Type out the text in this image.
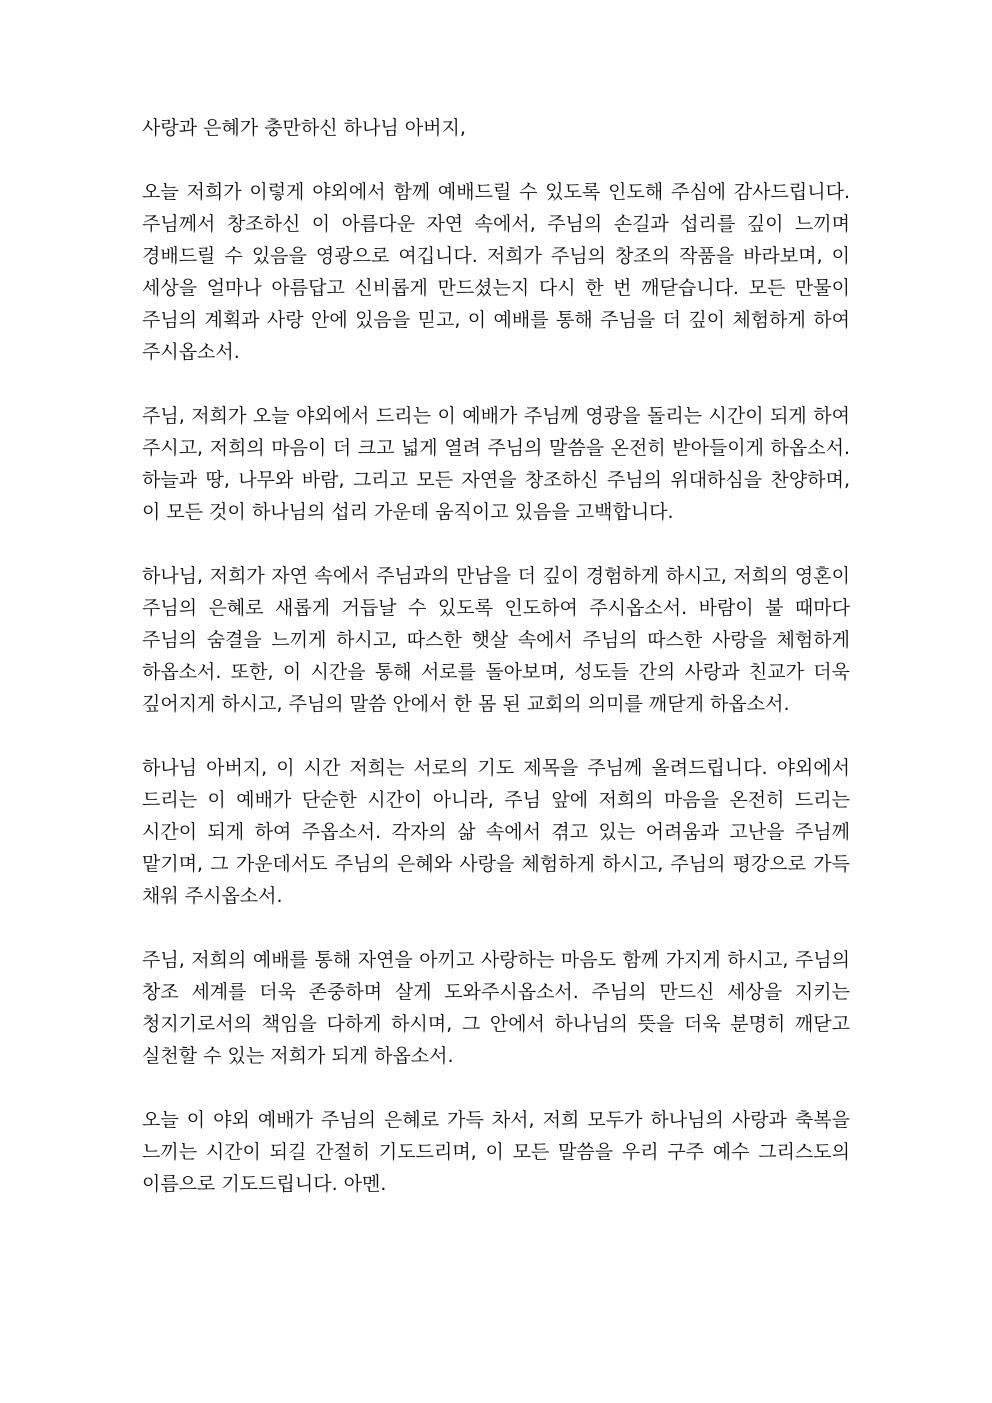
사랑과 은혜가 충만하신 하나님 아버지,

오늘 저희가 이렇게 야외에서 함께 예배드릴 수 있도록 인도해 주심에 감사드립니다. 주님께서 창조하신 이 아름다운 자연 속에서, 주님의 손길과 섭리를 깊이 느끼며 경배드릴 수 있음을 영광으로 여깁니다. 저희가 주님의 창조의 작품을 바라보며, 이 세상을 얼마나 아름답고 신비롭게 만드셨는지 다시 한 번 깨닫습니다. 모든 만물이 주님의 계획과 사랑 안에 있음을 믿고, 이 예배를 통해 주님을 더 깊이 체험하게 하여 주시옵소서.

주님, 저희가 오늘 야외에서 드리는 이 예배가 주님께 영광을 돌리는 시간이 되게 하여 주시고, 저희의 마음이 더 크고 넓게 열려 주님의 말씀을 온전히 받아들이게 하옵소서. 하늘과 땅, 나무와 바람, 그리고 모든 자연을 창조하신 주님의 위대하심을 찬양하며, 이 모든 것이 하나님의 섭리 가운데 움직이고 있음을 고백합니다.

하나님, 저희가 자연 속에서 주님과의 만남을 더 깊이 경험하게 하시고, 저희의 영혼이 주님의 은혜로 새롭게 거듭날 수 있도록 인도하여 주시옵소서. 바람이 불 때마다 주님의 숨결을 느끼게 하시고, 따스한 햇살 속에서 주님의 따스한 사랑을 체험하게 하옵소서. 또한, 이 시간을 통해 서로를 돌아보며, 성도들 간의 사랑과 친교가 더욱 깊어지게 하시고, 주님의 말씀 안에서 한 몸 된 교회의 의미를 깨닫게 하옵소서.

하나님 아버지, 이 시간 저희는 서로의 기도 제목을 주님께 올려드립니다. 야외에서 드리는 이 예배가 단순한 시간이 아니라, 주님 앞에 저희의 마음을 온전히 드리는 시간이 되게 하여 주옵소서. 각자의 삶 속에서 겪고 있는 어려움과 고난을 주님께 맡기며, 그 가운데서도 주님의 은혜와 사랑을 체험하게 하시고, 주님의 평강으로 가득 채워 주시옵소서.

주님, 저희의 예배를 통해 자연을 아끼고 사랑하는 마음도 함께 가지게 하시고, 주님의 창조 세계를 더욱 존중하며 살게 도와주시옵소서. 주님의 만드신 세상을 지키는 청지기로서의 책임을 다하게 하시며, 그 안에서 하나님의 뜻을 더욱 분명히 깨닫고 실천할 수 있는 저희가 되게 하옵소서.

오늘 이 야외 예배가 주님의 은혜로 가득 차서, 저희 모두가 하나님의 사랑과 축복을 느끼는 시간이 되길 간절히 기도드리며, 이 모든 말씀을 우리 구주 예수 그리스도의 이름으로 기도드립니다. 아멘.
